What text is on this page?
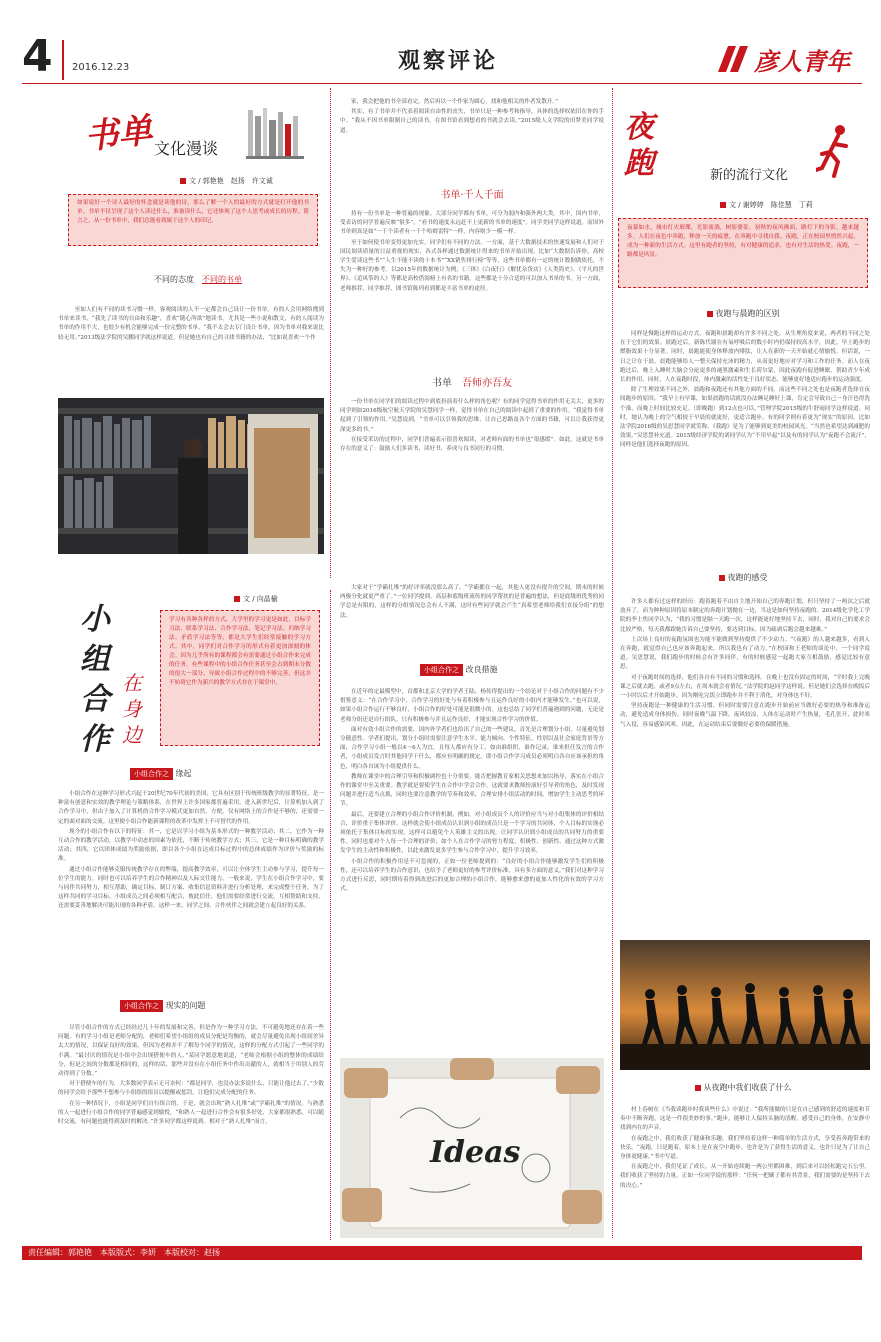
4 2016.12.23	观察评论	彦人青年
书单 文化漫谈
文 / 郭艳艳　赵扬　许文诚
如果说好一个诗人最好的怀念就是读他的诗，那么了解一个人的最好的方式就是打开他的书单。书单不仅呈现了这个人读过什么，准备读什么，它还体现了这个人思考或成长的历程。简言之，从一份书单中，我们总能看到属于这个人的印记。
不同的态度　 不同的书单

　至如人们有不同的读书习惯一样，客观阅读的人不一定都会自己设计一份书单。有的人会用网络搜到书单来读书，“我先了读书的自由和乐趣”，喜欢“随心所欲”地读书。尤其是一些小说和散文，有的人阅读为书单的作用不大，也很少有机会能够完成一份完整的书单。“我不太会去专门设计书单，因为书单对我来说比较无用。”2013级法学院的吴鹏同学就这样说道。但是她也有自己的寻找书籍的办法，“比如说喜欢一个作

家，我会把他的书全部看完，然后再以一个作家为圆心，找和他相关的作者发散开。”

其实，有了书单并不代表着阅读自由性的丧失，书单只是一种参考和指导，具体的选择权依旧在你的手中。“我从不因书单限制自己的读书，在图书馆看到想看的书就会去读。”2015级人文学院的田梦美同学说道。

书单·千人千面

持有一份书单是一种普遍的现象。大部分同学都有书单，可分为弱内和强外两大类。其中，国内书单，受表访的同学普遍反映“很多”，“看书的速度永远赶不上更新的书单的速度”。同学美同学这样说道。而国外书单则真是如“一千个读者有一千个哈姆雷特”一样，内容则少一模一样。

至于如何使书单变得更加充实，同学们有不同的方法。一方面，基于大数据技术的快速发展和人们对于国民阅读质量的日益重视的现实，各式各样通过数据统计得来的书单开始出现。比如“大数据告诉你，高校学生爱读这些书”“人生不能不读的十本书”“XX销售排行榜”等等。这些书单都有一定的统计数据做依托，不失为一种好的参考。以2015年的数据统计为例，《三体》《白夜行》《解忧杂货店》《人类简史》、《平凡的世界》、《追风筝的人》等都是高校借阅榜上有名的书籍。这些都是十分合适的可以加入书单的书。另一方面，老师推荐、同学推荐、图书馆陈列看到都是丰富书单的途径。

书单　 吾师亦吾友

一份书单在同学们的阅读过程中到底扮演着什么样的角色呢？有的同学觉得书单的作用无关大，更多的同学则如2016级航空航天学院的吴慧同学一样，觉得书单在自己的阅读中起到了重要的作用。“我觉得书单起到了引领的作用。”吴慧说到，“书单可以引领我的思维，让自己思路及各个方面的书籍，可以让我获得更深更多的书。”

在接受采访的过程中，同学们普遍表示很喜欢阅读，对老师有面的书单也“很感缓”。如此，这就是书单存在的意义了：鼓励人们多读书、读好书，养成与良书同行的习惯。

夜跑	新的流行文化
文 / 谢婷婷　陈佳慧　丁莉
夜幕如水，城市灯火璀璨，光影流淌，树影婆娑。初秋的夜风拂面，路灯下的身影，越来越多。人们在夜色中奔跑，释放一天的疲惫，在奔跑中寻找自我。夜跑，正在校园里悄然兴起，成为一种新的生活方式。这里有跑者的坚持，有对健康的追求，也有对生活的热爱。夜跑，一路都是风景。
夜跑与晨跑的区别

同样是慢跑这样的运动方式，夜跑和晨跑却有许多不同之处。从生理角度来说，两者的不同之处在于它们的效果。晨跑过后，新陈代谢在有氧呼吸后的数小时内仍保持较高水平，因此，早上跑步的燃脂效果十分显著。同时，晨跑能使身体释放内啡肽，让人在新的一天开始就心情愉悦。但话说，一日之计在于晨，晨跑能够给人一整天保持充沛的精力，从而更好地应对学习和工作的任务。而人在夜跑过后，晚上入睡时大脑会分泌更多的褪黑激素和生长荷尔蒙，因此夜跑有促进睡眠、帮助青少年成长的作用。同时，人在夜跑时段，体内激素的活性处于良好状态，能够更好地适应跑步的运动强度。

除了生理效果不同之外，晨跑和夜跑还有其他方面的不同。而这些不同之处也是夜跑者选择在夜间跑步的原因。“我早上有早课，如果晨跑的话就没办法睡足睡好上课，肯定会导致自己一身汗也得洗个澡，而晚上时间比较充足。（即晚跑）到12点也可以。”管理学院2015级的牛舒雨同学这样说道。同时，她认为晚上的空气相较于早晨的就更好，更适合跑步。有的同学则有着更为“现实”的原因。比如法学院2016级的吴思慧同学就笑称，《我跑》是为了能够到更美的校园风光。“当然也希望达到减肥的效果。”吴思慧补充道。2015级经济学院的刘同学认为“不用早起”以及有的同学认为“夜跑不会流汗”，同样是他们选择夜跑的原因。

夜跑的感受

许多人都有过这样的经历：跑着跑着不由自主地开始自己的奔跑计划，但只坚持了一两次之后就放弃了，而为种种原因将原本制定的奔跑计划抛在一边，当这是如何坚持夜跑的。2014级化学化工学院的李士焦同学认为，“我的习惯是隔一天跑一次，这样能更好地坚持下去，同时，我对自己的要求会比较严格，每天我都跟她告诉自己要坚持，要达到目标，因为疏剥后跑会越来越难。”

上次场上良好的夜跑氛围也为能不能做到坚持提供了不少动力。“《夜跑》的人越来越多，看到人在奔跑，就觉得自己也应该奔跑起来，所以我也有了动力。”在校园和王老师的谈论中，一个同学说道。吴思慧说，我们跑步的时候会有许多同伴，有的时候感觉一起跑大家互相鼓励，感觉比较有意思。

对于夜跑时间的选择，他们各自有不同的习惯和选择。在晚上也没有固定的时间，“平时我上完晚课之后就去跑，或者9点左右，在周末就会看情况。”法学院的赵同学这样说。但是她们会选择在晚饭后一小时以后才开始跑步，因为刚吃完饭立即跑步并不利于消化，对身体也不好。

坚持夜跑是一种健康的生活习惯。但同时需要注意在跑步开始前应当做好必要的热身和准备运动，避免造成身体损伤。同时夜晚气温下降，夜风较凉，人体在运动时产生热量，毛孔张开，此时寒气入侵，容易感染风寒。因此，在运动结束后要做好必要的保暖措施。

从夜跑中我们收获了什么

村上春树在《当我谈跑步时我谈些什么》中说过：“我所能做的只是在自己感到的舒适的速度和节奏中不断奔跑，这是一件很美妙的事。”跑步，能够让人保持头脑的清醒，感受自己的身体，在安静中找到内在的声音。

在夜跑之中，我们收获了健康和乐趣，我们坚持着这样一种简单的生活方式，享受着奔跑带来的快乐。“夜跑，只是跑着，原本上是在夜空中跑步。也许是为了获得生活的意义，也许只是为了让自己身体更健康。”书中写道。

在夜跑之中，我们见证了成长，从一开始连续跑一两公里都困难，到后来可以轻松跑完五公里，我们收获了坚持的力量。正如一位同学说的那样：“任何一把刷子都有其背景，我们需要的是坚持下去的决心。”

文 / 向晶榆
小组合作
在身边
学习有各种各样的方式，大学里的学习更是如此，目标学习法、联系学习法、合作学习法、笔记学习法、归纳学习法、矛盾学习法等等，都是大学生们经常接触的学习方式。其中，同学们对合作学习的形式有着更加深刻的体会。因为几乎所有的课程都会有需要通过小组合作来完成的任务，有些课程中的小组合作任务甚至会占到期末分数的很大一部分。导致小组合作过程中的不够完善，但这并不妨碍它作为新兴的教学方式存在于课堂中。
小组合作之 缘起

小组合作在这种学习形式兴起于20世纪70年代初的美国，它具有区别于传统班级教学的显著特征，是一种富有创意和实效的教学理论与策略体系，在世界上许多国家都普遍采用。进入新世纪后，计算机加入到了合作学习中，但由于加入了计算机的合作学习模式更加自然、方便，仅有网络上的合作是不够的，还需要一定的面对面的交流。这里便小组合作能新课程的改革中发挥上不可替代的作用。

现今的小组合作有以下的特征：其一，它是以学习小组为基本形式的一种教学活动；其二，它作为一种互动合作的教学活动，以教学中动态的因素为依托，不断于传统教学方式；其三，它是一种目标明确的教学活动；其四，它以团体成绩为奖励依据，即以各个小组在达成目标过程中的总体成绩作为评价与奖励的标准。

通过小组合作能够克服传统教学存在的弊端，提高教学效率，可以让全体学生主动参与学习，提升每一位学生的能力，同时也可以培养学生的合作精神以及人际交往能力。一般来说，学生在小组合作学习中，要与同伴共同努力，相互帮助，确定目标，制订方案、收集信息资料并进行分析处理、来完成整个任务，为了这样共同的学习目标，小组成员之间必须相互配合，彼此信任，他们需要经常进行交流，互相帮助和支持，还需要妥善地解决可能出现的各种矛盾。这样一来，同学之间、合作伙伴之间就会建立起良好的关系。

小组合作之 现实的问题

尽管小组合作的方式已经经过几十年的发展和完善，但是作为一种学习方法，不可避免地还存在着一些问题。有的学习小组是老师分配的，老师们希望小组组的成员分配是均衡的，就会尽量避免出现小组间差异太大的情况，以保证良好的效果。但因为老师并不了解每个同学的情况，这样的分配方式引起了一些同学的不满。“最讨厌的情况是小组中会出现搭便车的人，”某同学愿意地说道，“老师会根据小组的整体的成绩给分，但是之间的分数都是相同的，这样的话，那些并没有在小组任务中作出贡献的人，就相当于用别人的劳动得到了分数。”

对于搭便车的行为，大多数同学表示无可奈何：“都是同学，也没办法多说什么，只能让他过去了。”少数的同学会给予那些不想参与小组组的组员以提醒或惩罚，让他们完成分配的任务。

在另一种情况下，小组是同学们自行组合的。于是，就会出现“熟人扎堆”或“学霸扎堆”的情况。与熟悉的人一起进行小组合作的同学普遍感觉到愉悦，“和熟人一起进行合作会有很多好处，大家都很熟悉，可以随时交流，有问题也能得到及时的解决。”许多同学都这样说到。相对于“熟人扎堆”而言，

大家对于“学霸扎堆”的好评率就没那么高了。“学霸都在一起，其他人更没有提升的空间，期末的时候两极分化就更严重了。”一位同学提到。高层和底级班流传的同学帮扶的是普遍的想法，但是底级班优秀的同学总是有限的，这样的分组情况总会有人不满，这时有些同学就会产生“真希望老师给我们直接分组”的想法。

小组合作之 改良措施

在近年的定最模型中，首都和北京大学的学者王陆、杨传得提出的一个结论对于小组合作的问题有不少借鉴意义：“在合作学习中，合作学习的好处与有着积极参与且运作良好的小组内才能够发生。”也可以说，如果小组合作运行不够良好，小组合作的好处可能是很微小的。这也总结了同学们普遍遇到的问题，无论是老师分组还是自行组队，只有积极参与并且运作良好，才能实现合作学习的价值。

面对有效小组合作的需要，国内外学者们也给出了自己的一些建议。首先是合理划分小组，尽量避免划分随意性。学者们提出，划分小组时需要注意学生水平、能力倾向、个性特征、性别以及社会家庭背景等方面，合作学习小组一般以4～6人为宜，且每人都应有分工。如由谁组织、谁作记录，谁来担任发言的合作者，小组成员发言时其他同学干什么，都应有明确的规定，即小组合作学习成员必须明白各自应该承担的角色，明白各自该为小组提供什么。

教师在课堂中的合理引导和积极调控也十分重要。能否把握教育家相关思想来加以指导，落实在小组合作的课堂中至关重要。教学就是要使学生在合作中学会合作，这就要求教师扮演好引导者的角色，及时发现问题并进行适当点拨，同时也要注意教学的节奏和效率，合理安排小组活动的时间，增加学生主动思考的环节。

最后，还要建立合理的小组合作评价机制。例如，对小组成员个人的评价应当与对小组集体的评价相结合，评价重于集体评价。这样就会使小组成员认识到小组的成员只是一个学习的共同体，个人目标的实现必须依托于集体目标的实现。这样可以避免个人英雄主义的出现，让同学认识到小组成员的共同努力的重要性。同时也要对个人每一个合理的评价，如个人在合作学习的努力程度、积极性、创新性、通过这种方式激发学生的主动性和积极性，以此来激发更多学生参与合作学习中，提升学习效率。

小组合作的积极作用是不可忽视的，正如一位老师提到的：“良好的小组合作能够激发学生们的积极性，还可以培养学生的合作意识，也给予了老师更好的参考评价标准，具有多方面的意义。”我们对这种学习方式进行反思，同时期待着得到改进后的更加合理的小组合作，能够愈来愈的更加人性化的有效的学习方式。

Ideas
责任编辑：郭艳艳　本版版式：李妍　本版校对：赵扬
